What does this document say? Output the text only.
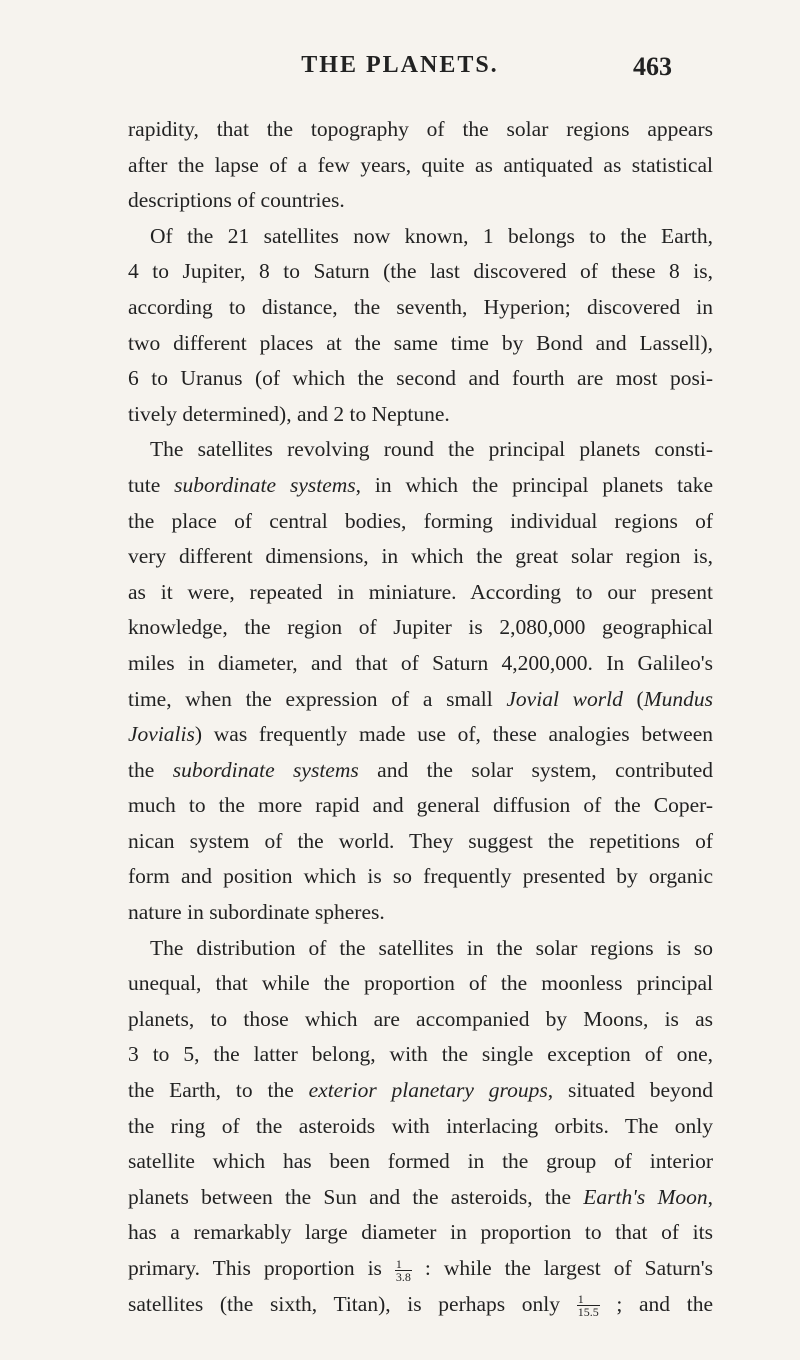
THE PLANETS.	463
rapidity, that the topography of the solar regions appears
after the lapse of a few years, quite as antiquated as statistical
descriptions of countries.
Of the 21 satellites now known, 1 belongs to the Earth,
4 to Jupiter, 8 to Saturn (the last discovered of these 8 is,
according to distance, the seventh, Hyperion; discovered in
two different places at the same time by Bond and Lassell),
6 to Uranus (of which the second and fourth are most posi-
tively determined), and 2 to Neptune.
The satellites revolving round the principal planets consti-
tute subordinate systems, in which the principal planets take
the place of central bodies, forming individual regions of
very different dimensions, in which the great solar region is,
as it were, repeated in miniature. According to our present
knowledge, the region of Jupiter is 2,080,000 geographical
miles in diameter, and that of Saturn 4,200,000. In Galileo's
time, when the expression of a small Jovial world (Mundus
Jovialis) was frequently made use of, these analogies between
the subordinate systems and the solar system, contributed
much to the more rapid and general diffusion of the Coper-
nican system of the world. They suggest the repetitions of
form and position which is so frequently presented by organic
nature in subordinate spheres.
The distribution of the satellites in the solar regions is so
unequal, that while the proportion of the moonless principal
planets, to those which are accompanied by Moons, is as
3 to 5, the latter belong, with the single exception of one,
the Earth, to the exterior planetary groups, situated beyond
the ring of the asteroids with interlacing orbits. The only
satellite which has been formed in the group of interior
planets between the Sun and the asteroids, the Earth's Moon,
has a remarkably large diameter in proportion to that of its
primary. This proportion is $\frac{1}{3.8}$ : while the largest of Saturn's
satellites (the sixth, Titan), is perhaps only $\frac{1}{15.5}$ ; and the
